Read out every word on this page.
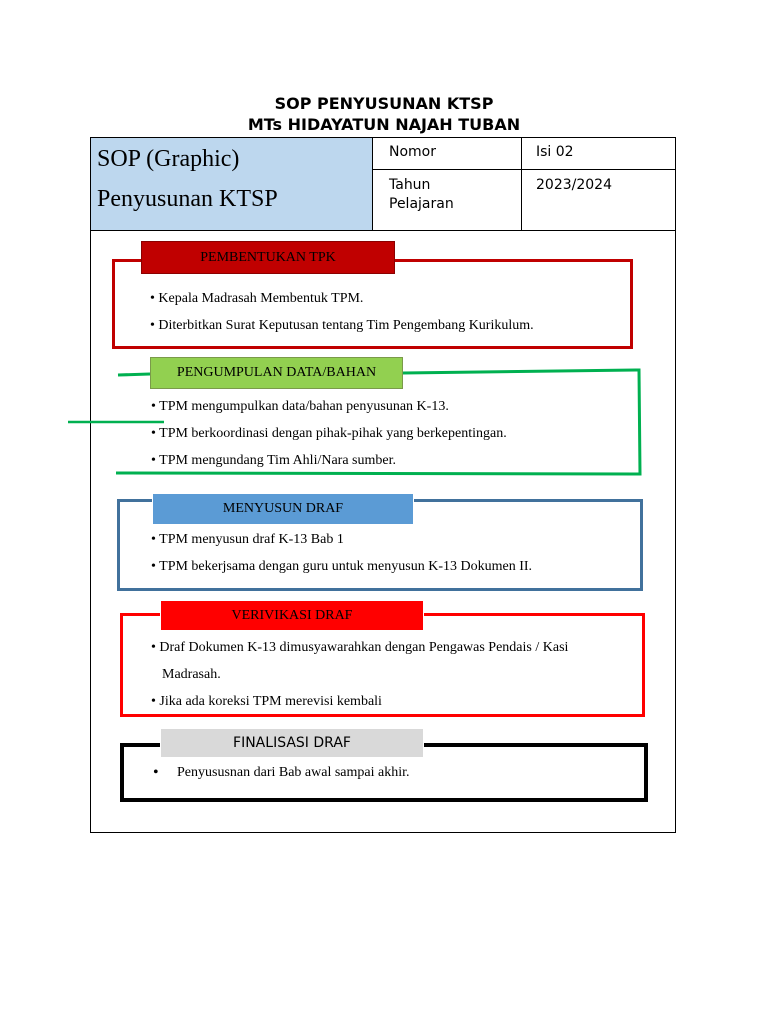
SOP PENYUSUNAN KTSP
MTs HIDAYATUN NAJAH TUBAN
SOP (Graphic)
Penyusunan KTSP
Nomor	Isi 02
Tahun
Pelajaran
2023/2024
PEMBENTUKAN TPK
• Kepala Madrasah Membentuk TPM.
• Diterbitkan Surat Keputusan tentang Tim Pengembang Kurikulum.
PENGUMPULAN DATA/BAHAN
• TPM mengumpulkan data/bahan penyusunan K-13.
• TPM berkoordinasi dengan pihak-pihak yang berkepentingan.
• TPM mengundang Tim Ahli/Nara sumber.
MENYUSUN DRAF
• TPM menyusun draf K-13 Bab 1
• TPM bekerjsama dengan guru untuk menyusun K-13 Dokumen II.
VERIVIKASI DRAF
• Draf Dokumen K-13 dimusyawarahkan dengan Pengawas Pendais / Kasi
Madrasah.
• Jika ada koreksi TPM merevisi kembali
FINALISASI DRAF
• Penyususnan dari Bab awal sampai akhir.
